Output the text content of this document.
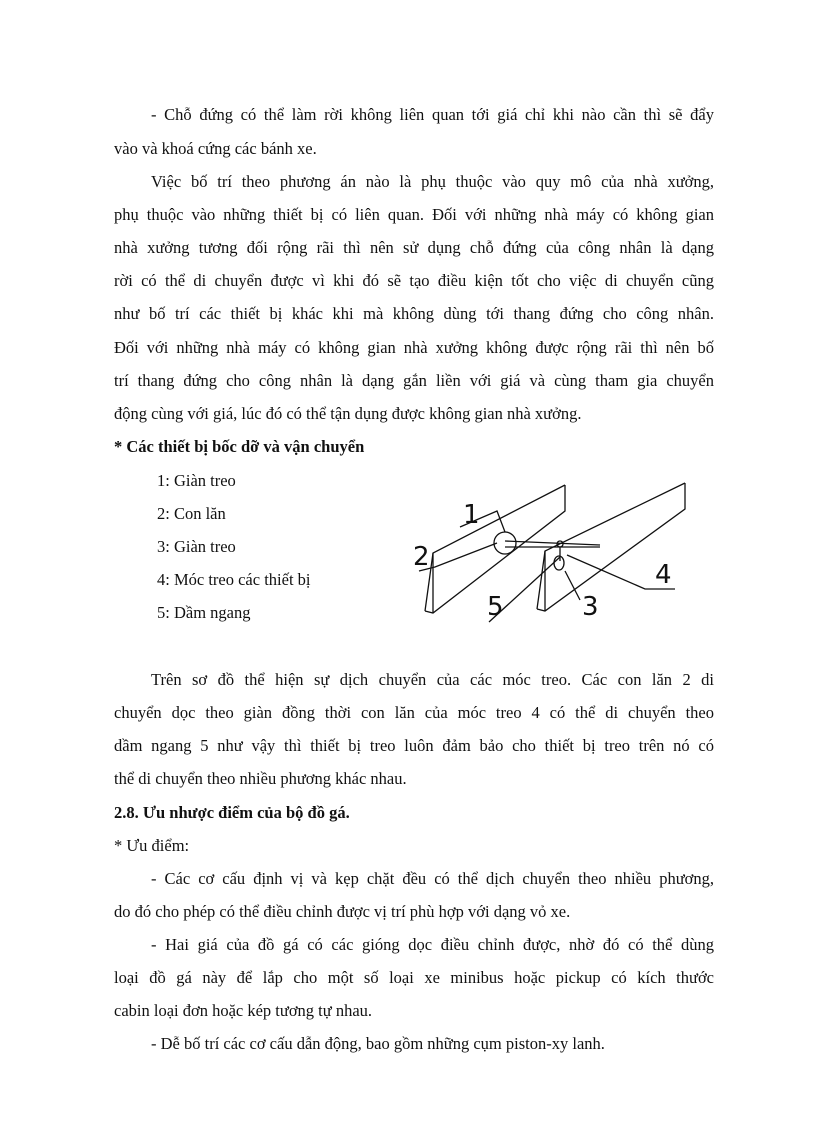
- Chỗ đứng có thể làm rời không liên quan tới giá chỉ khi nào cần thì sẽ đẩy
vào và khoá cứng các bánh xe.
Việc bố trí theo phương án nào là phụ thuộc vào quy mô của nhà xưởng,
phụ thuộc vào những thiết bị có liên quan. Đối với những nhà máy có không gian
nhà xưởng tương đối rộng rãi thì nên sử dụng chỗ đứng của công nhân là dạng
rời có thể di chuyển được vì khi đó sẽ tạo điều kiện tốt cho việc di chuyển cũng
như bố trí các thiết bị khác khi mà không dùng tới thang đứng cho công nhân.
Đối với những nhà máy có không gian nhà xưởng không được rộng rãi thì nên bố
trí thang đứng cho công nhân là dạng gắn liền với giá và cùng tham gia chuyển
động cùng với giá, lúc đó có thể tận dụng được không gian nhà xưởng.
* Các thiết bị bốc dỡ và vận chuyển
1: Giàn treo
2: Con lăn
3: Giàn treo
4: Móc treo các thiết bị
5: Dầm ngang
1
2
3
4
5
Trên sơ đồ thể hiện sự dịch chuyển của các móc treo. Các con lăn 2 di
chuyển dọc theo giàn đồng thời con lăn của móc treo 4 có thể di chuyển theo
dầm ngang 5 như vậy thì thiết bị treo luôn đảm bảo cho thiết bị treo trên nó có
thể di chuyển theo nhiều phương khác nhau.
2.8. Ưu nhược điểm của bộ đồ gá.
* Ưu điểm:
- Các cơ cấu định vị và kẹp chặt đều có thể dịch chuyển theo nhiều phương,
do đó cho phép có thể điều chỉnh được vị trí phù hợp với dạng vỏ xe.
- Hai giá của đồ gá có các gióng dọc điều chỉnh được, nhờ đó có thể dùng
loại đồ gá này để lắp cho một số loại xe minibus hoặc pickup có kích thước
cabin loại đơn hoặc kép tương tự nhau.
- Dễ bố trí các cơ cấu dẫn động, bao gồm những cụm piston-xy lanh.
